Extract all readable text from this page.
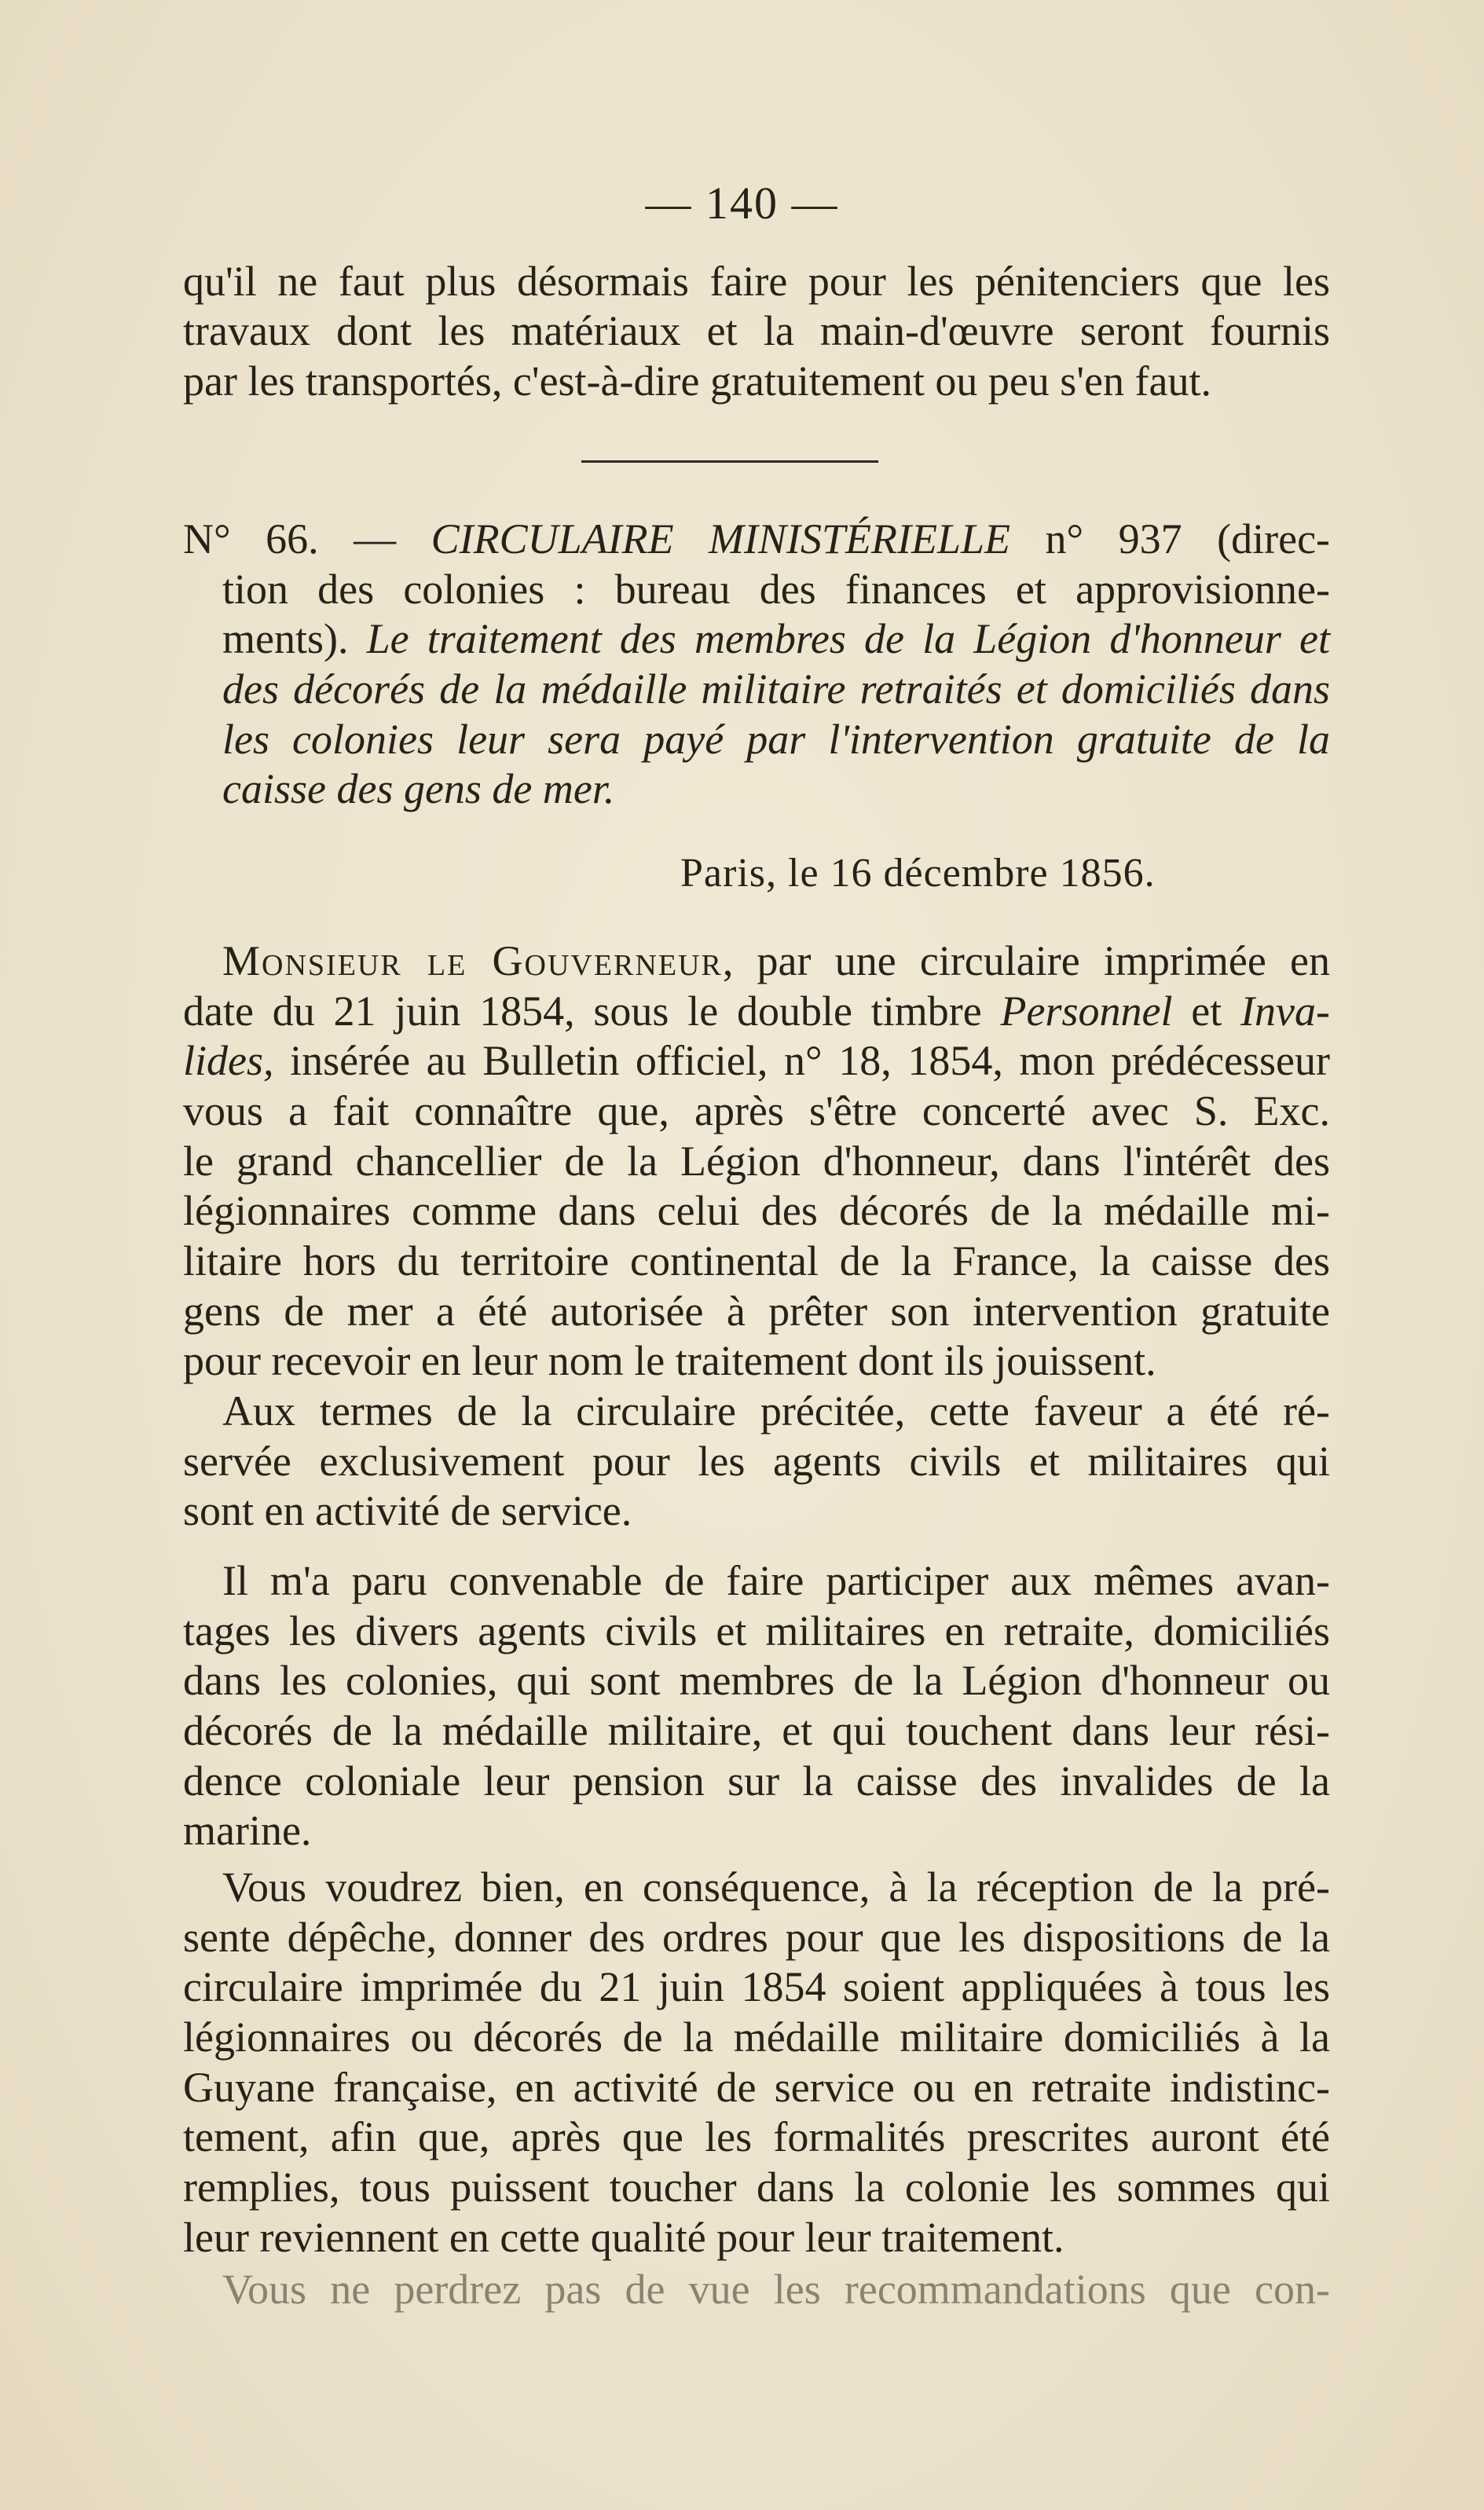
— 140 —
qu'il ne faut plus désormais faire pour les pénitenciers que les
travaux dont les matériaux et la main-d'œuvre seront fournis
par les transportés, c'est-à-dire gratuitement ou peu s'en faut.
N° 66. — CIRCULAIRE MINISTÉRIELLE n° 937 (direc-
tion des colonies : bureau des finances et approvisionne-
ments). Le traitement des membres de la Légion d'honneur et
des décorés de la médaille militaire retraités et domiciliés dans
les colonies leur sera payé par l'intervention gratuite de la
caisse des gens de mer.
Monsieur le Gouverneur, par une circulaire imprimée en
date du 21 juin 1854, sous le double timbre Personnel et Inva-
lides, insérée au Bulletin officiel, n° 18, 1854, mon prédécesseur
vous a fait connaître que, après s'être concerté avec S. Exc.
le grand chancellier de la Légion d'honneur, dans l'intérêt des
légionnaires comme dans celui des décorés de la médaille mi-
litaire hors du territoire continental de la France, la caisse des
gens de mer a été autorisée à prêter son intervention gratuite
pour recevoir en leur nom le traitement dont ils jouissent.
Aux termes de la circulaire précitée, cette faveur a été ré-
servée exclusivement pour les agents civils et militaires qui
sont en activité de service.
Il m'a paru convenable de faire participer aux mêmes avan-
tages les divers agents civils et militaires en retraite, domiciliés
dans les colonies, qui sont membres de la Légion d'honneur ou
décorés de la médaille militaire, et qui touchent dans leur rési-
dence coloniale leur pension sur la caisse des invalides de la
marine.
Vous voudrez bien, en conséquence, à la réception de la pré-
sente dépêche, donner des ordres pour que les dispositions de la
circulaire imprimée du 21 juin 1854 soient appliquées à tous les
légionnaires ou décorés de la médaille militaire domiciliés à la
Guyane française, en activité de service ou en retraite indistinc-
tement, afin que, après que les formalités prescrites auront été
remplies, tous puissent toucher dans la colonie les sommes qui
leur reviennent en cette qualité pour leur traitement.
Vous ne perdrez pas de vue les recommandations que con-
Paris, le 16 décembre 1856.
